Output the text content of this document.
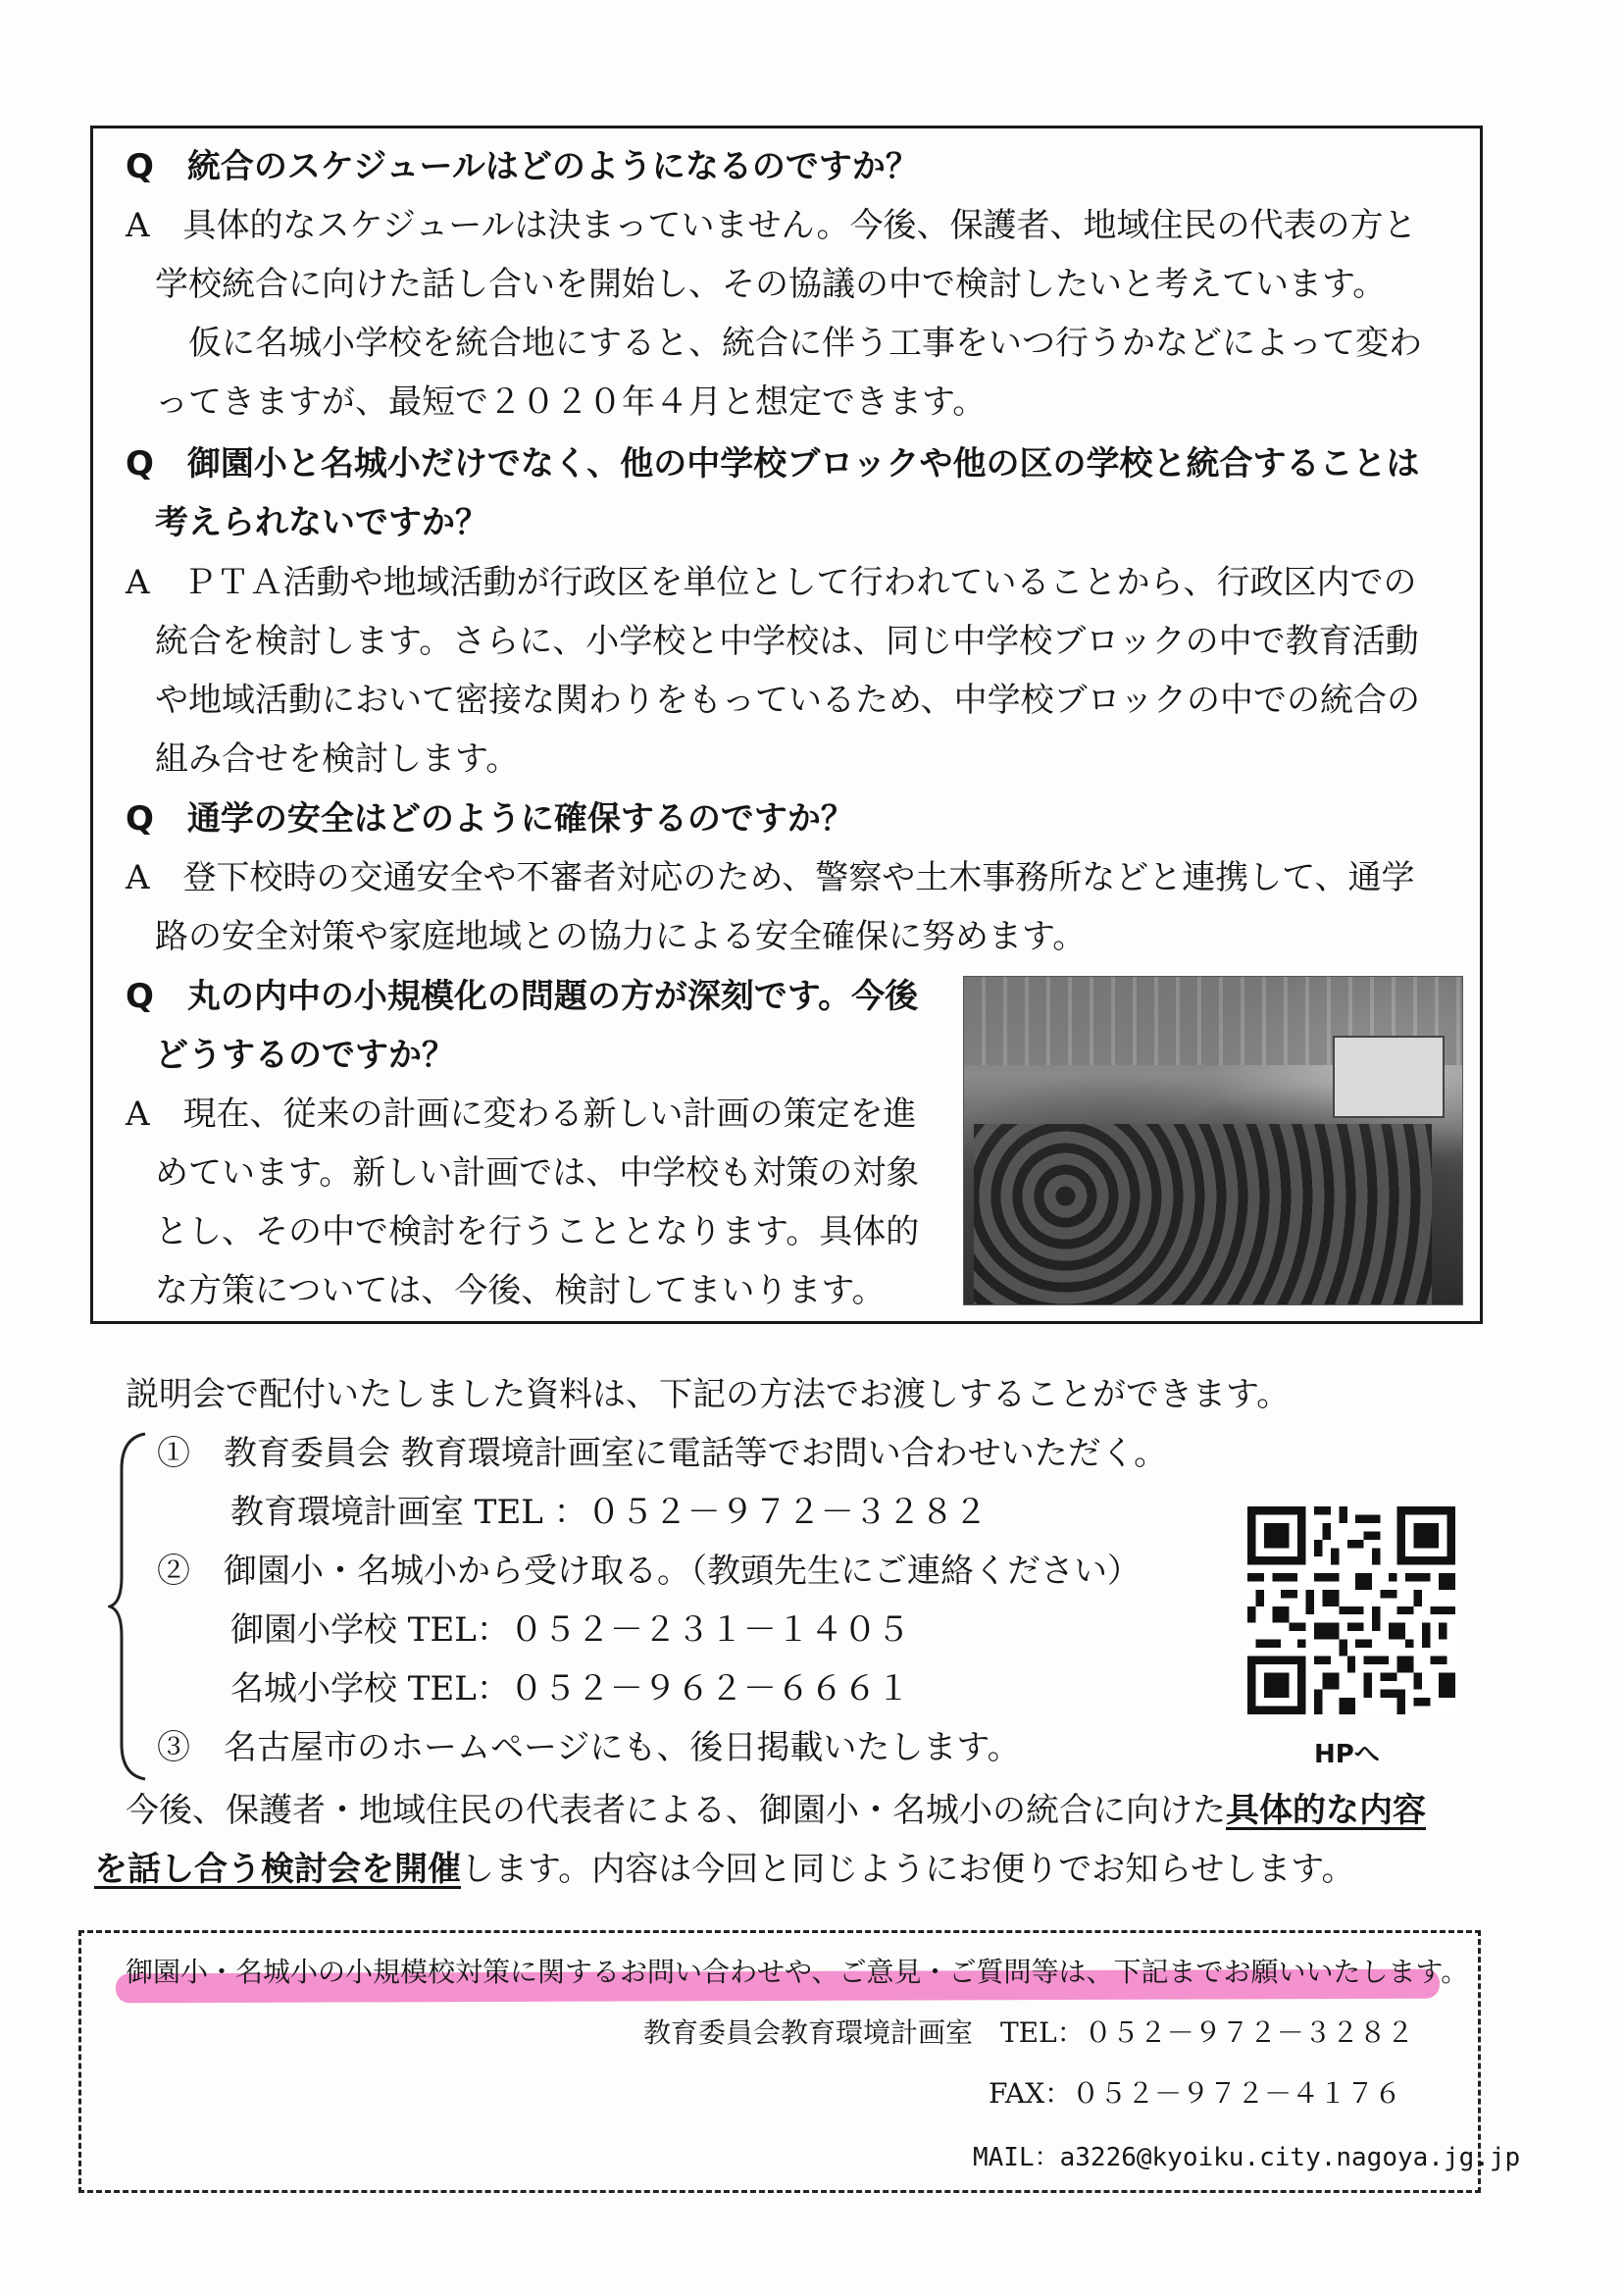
Q　統合のスケジュールはどのようになるのですか？
A　具体的なスケジュールは決まっていません。今後、保護者、地域住民の代表の方と
学校統合に向けた話し合いを開始し、その協議の中で検討したいと考えています。
仮に名城小学校を統合地にすると、統合に伴う工事をいつ行うかなどによって変わ
ってきますが、最短で２０２０年４月と想定できます。
Q　御園小と名城小だけでなく、他の中学校ブロックや他の区の学校と統合することは
考えられないですか？
A　ＰＴＡ活動や地域活動が行政区を単位として行われていることから、行政区内での
統合を検討します。さらに、小学校と中学校は、同じ中学校ブロックの中で教育活動
や地域活動において密接な関わりをもっているため、中学校ブロックの中での統合の
組み合せを検討します。
Q　通学の安全はどのように確保するのですか？
A　登下校時の交通安全や不審者対応のため、警察や土木事務所などと連携して、通学
路の安全対策や家庭地域との協力による安全確保に努めます。
Q　丸の内中の小規模化の問題の方が深刻です。今後
どうするのですか？
A　現在、従来の計画に変わる新しい計画の策定を進
めています。新しい計画では、中学校も対策の対象
とし、その中で検討を行うこととなります。具体的
な方策については、今後、検討してまいります。
説明会で配付いたしました資料は、下記の方法でお渡しすることができます。
①　教育委員会 教育環境計画室に電話等でお問い合わせいただく。
教育環境計画室 TEL ：０５２－９７２－３２８２
②　御園小・名城小から受け取る。（教頭先生にご連絡ください）
御園小学校 TEL：０５２－２３１－１４０５
名城小学校 TEL：０５２－９６２－６６６１
③　名古屋市のホームページにも、後日掲載いたします。	HPへ
今後、保護者・地域住民の代表者による、御園小・名城小の統合に向けた具体的な内容
を話し合う検討会を開催します。内容は今回と同じようにお便りでお知らせします。
御園小・名城小の小規模校対策に関するお問い合わせや、ご意見・ご質問等は、下記までお願いいたします。
教育委員会教育環境計画室　TEL：０５２－９７２－３２８２
FAX：０５２－９７２－４１７６
MAIL：a3226@kyoiku.city.nagoya.jg.jp
